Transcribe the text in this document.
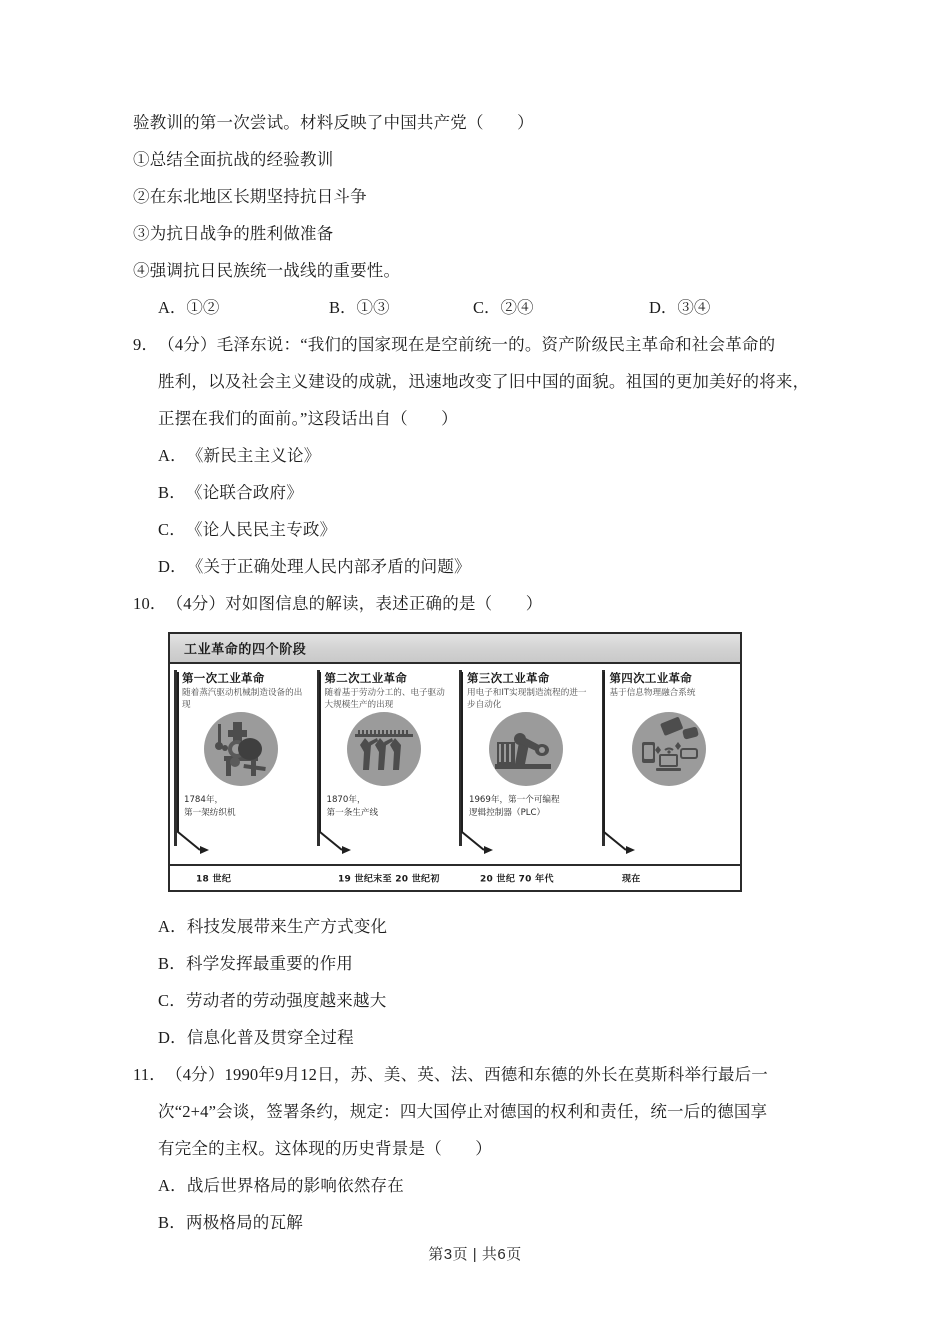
验教训的第一次尝试。材料反映了中国共产党（　　）
①总结全面抗战的经验教训
②在东北地区长期坚持抗日斗争
③为抗日战争的胜利做准备
④强调抗日民族统一战线的重要性。
A．①②	B．①③	C．②④	D．③④
9．（4分）毛泽东说：“我们的国家现在是空前统一的。资产阶级民主革命和社会革命的
胜利，以及社会主义建设的成就，迅速地改变了旧中国的面貌。祖国的更加美好的将来，
正摆在我们的面前。”这段话出自（　　）
A．《新民主主义论》
B．《论联合政府》
C．《论人民民主专政》
D．《关于正确处理人民内部矛盾的问题》
10．（4分）对如图信息的解读，表述正确的是（　　）
工业革命的四个阶段
第一次工业革命
随着蒸汽驱动机械制造设备的出现
1784年，
第一架纺织机
第二次工业革命
随着基于劳动分工的、电子驱动大规模生产的出现
1870年，
第一条生产线
第三次工业革命
用电子和IT实现制造流程的进一步自动化
1969年，第一个可编程
逻辑控制器（PLC）
第四次工业革命
基于信息物理融合系统
18 世纪	19 世纪末至 20 世纪初	20 世纪 70 年代	现在
A．科技发展带来生产方式变化
B．科学发挥最重要的作用
C．劳动者的劳动强度越来越大
D．信息化普及贯穿全过程
11．（4分）1990年9月12日，苏、美、英、法、西德和东德的外长在莫斯科举行最后一
次“2+4”会谈，签署条约，规定：四大国停止对德国的权利和责任，统一后的德国享
有完全的主权。这体现的历史背景是（　　）
A．战后世界格局的影响依然存在
B．两极格局的瓦解
第3页 | 共6页
